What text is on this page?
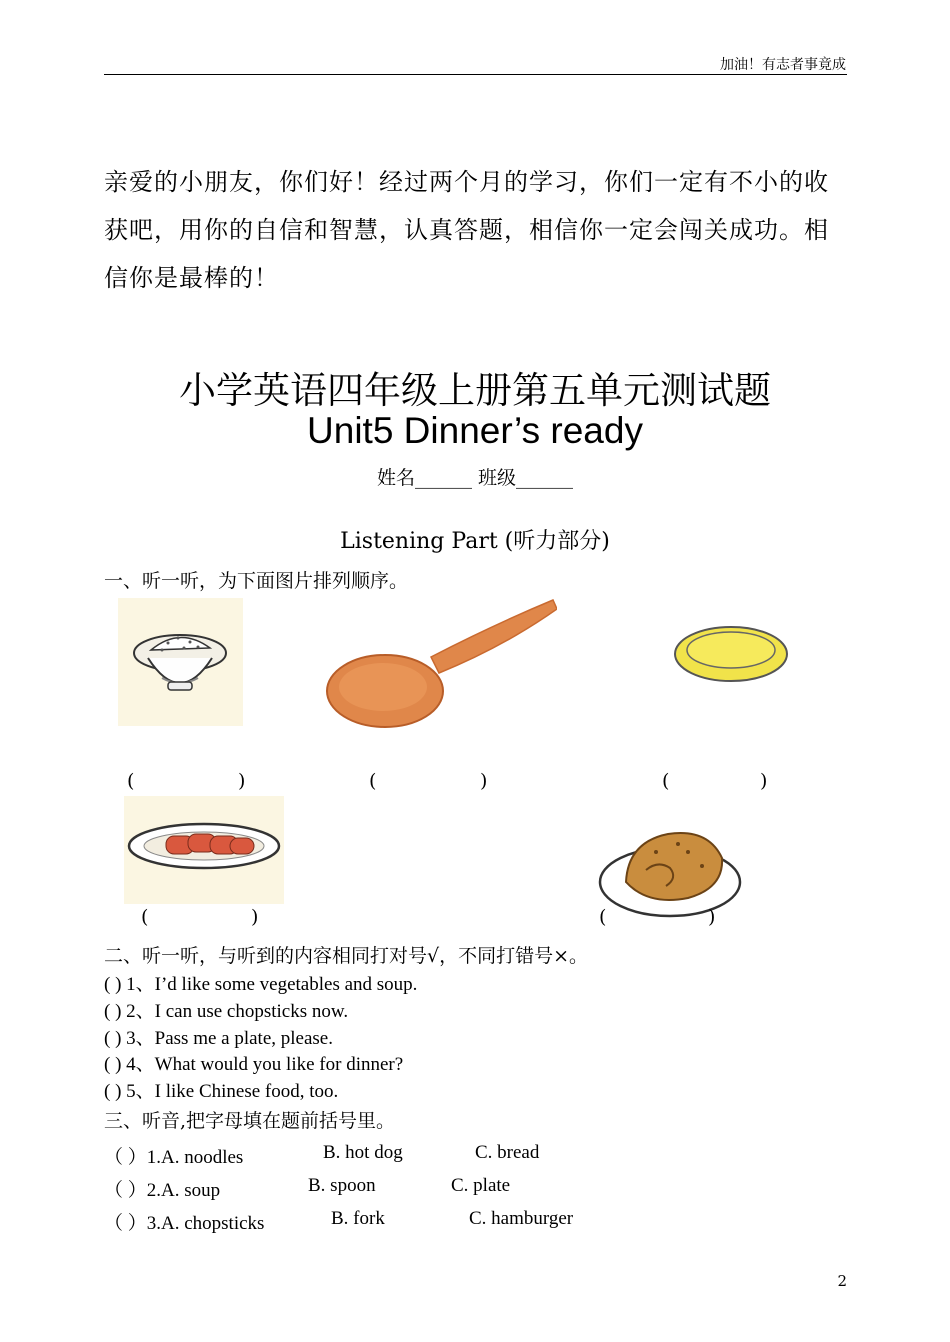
加油！有志者事竟成
亲爱的小朋友，你们好！经过两个月的学习，你们一定有不小的收获吧，用你的自信和智慧，认真答题，相信你一定会闯关成功。相信你是最棒的！
小学英语四年级上册第五单元测试题
Unit5 Dinner’s ready
姓名______ 班级______
Listening Part (听力部分)
一、听一听，为下面图片排列顺序。
(	)	(	)	(	)
(	)	(	)
二、听一听，与听到的内容相同打对号√，不同打错号×。
( ) 1、I’d like some vegetables and soup.
( ) 2、I can use chopsticks now.
( ) 3、Pass me a plate, please.
( ) 4、What would you like for dinner?
( ) 5、I like Chinese food, too.
三、听音,把字母填在题前括号里。
（ ）1.A. noodles	B. hot dog	C. bread
（ ）2.A. soup	B. spoon	C. plate
（ ）3.A. chopsticks	B. fork	C. hamburger
2
